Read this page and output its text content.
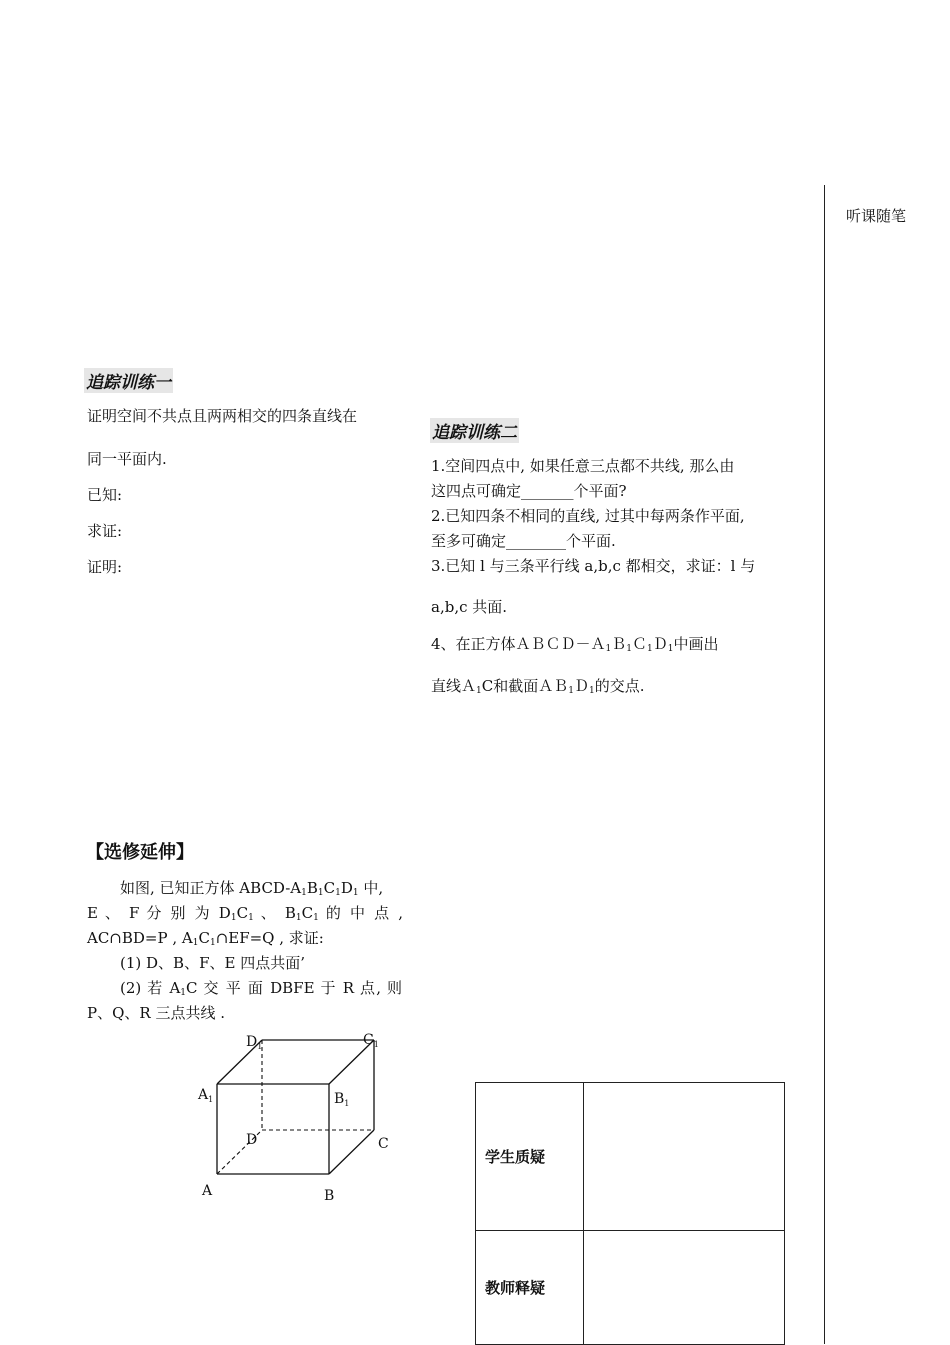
听课随笔
追踪训练一
证明空间不共点且两两相交的四条直线在
同一平面内.
已知:
求证:
证明:
追踪训练二
1.空间四点中, 如果任意三点都不共线, 那么由
这四点可确定_______个平面?
2.已知四条不相同的直线, 过其中每两条作平面,
至多可确定________个平面.
3.已知 l 与三条平行线 a,b,c 都相交，求证：l 与
a,b,c 共面.
4、在正方体ＡＢＣＤ－Ａ$_1$Ｂ$_1$Ｃ$_1$Ｄ$_1$中画出
直线Ａ$_1$C和截面ＡＢ$_1$Ｄ$_1$的交点.
【选修延伸】
如图, 已知正方体 ABCD-$A_1B_1C_1D_1$ 中,
E 、 F 分 别 为 $D_1C_1$ 、 $B_1C_1$ 的 中 点 ,
AC∩BD=P , $A_1C_1\cap EF=Q$ , 求证:
(1) D、B、F、E 四点共面’
(2) 若 $A_1C$ 交 平 面 DBFE 于 R 点, 则
P、Q、R 三点共线 .
$D_1$	$C_1$
$A_1$	$B_1$
D	C
A	B
学生质疑	
教师释疑	
